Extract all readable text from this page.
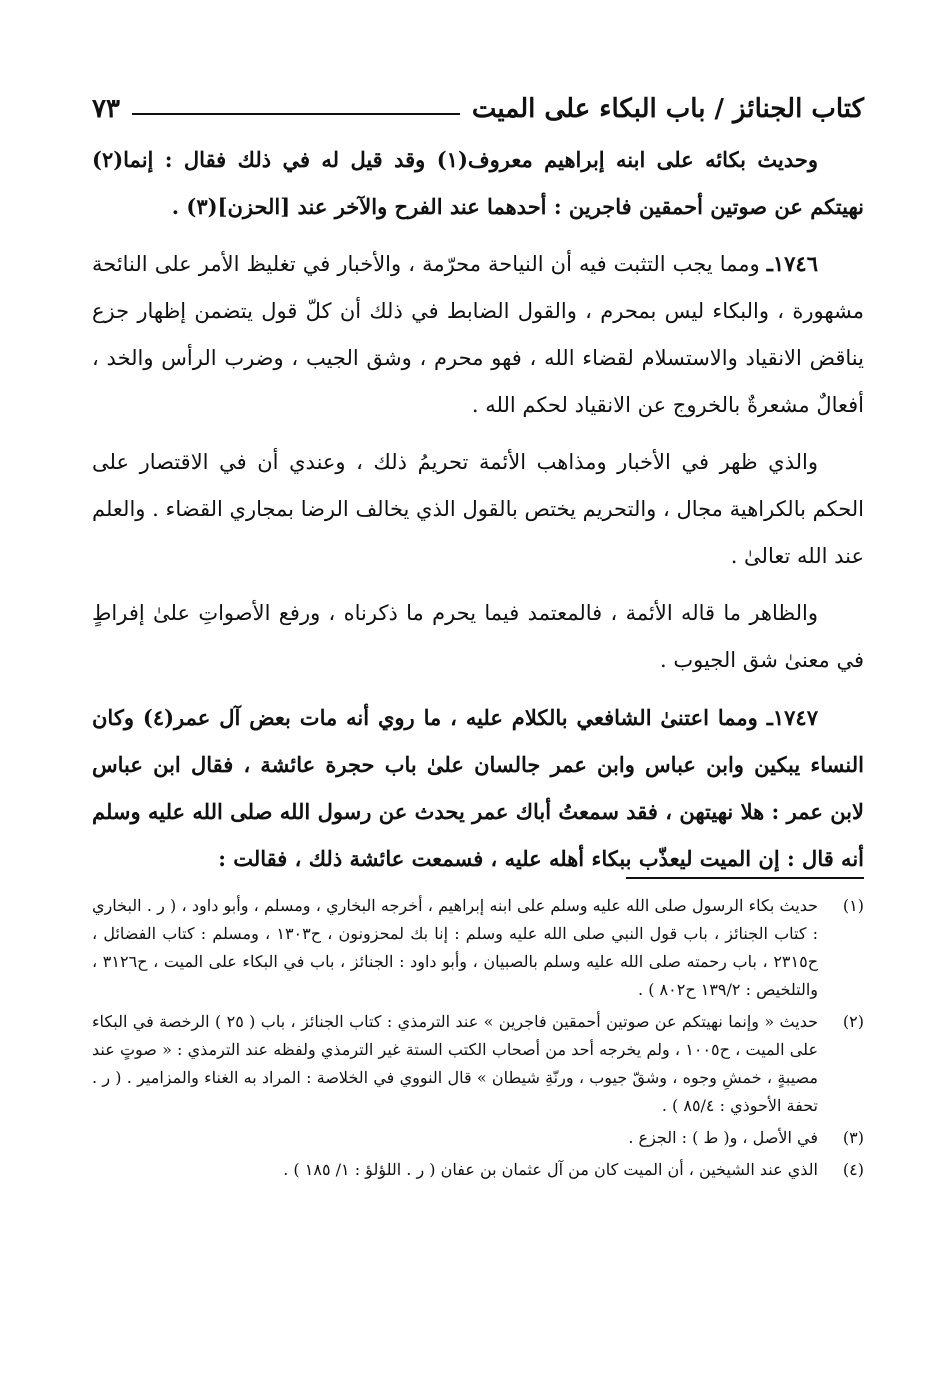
كتاب الجنائز / باب البكاء على الميت
٧٣

وحديث بكائه على ابنه إبراهيم معروف(١) وقد قيل له في ذلك فقال : إنما(٢) نهيتكم عن صوتين أحمقين فاجرين : أحدهما عند الفرح والآخر عند [الحزن](٣) .

١٧٤٦ـ ومما يجب التثبت فيه أن النياحة محرّمة ، والأخبار في تغليظ الأمر على النائحة مشهورة ، والبكاء ليس بمحرم ، والقول الضابط في ذلك أن كلّ قول يتضمن إظهار جزع يناقض الانقياد والاستسلام لقضاء الله ، فهو محرم ، وشق الجيب ، وضرب الرأس والخد ، أفعالٌ مشعرةٌ بالخروج عن الانقياد لحكم الله .

والذي ظهر في الأخبار ومذاهب الأئمة تحريمُ ذلك ، وعندي أن في الاقتصار على الحكم بالكراهية مجال ، والتحريم يختص بالقول الذي يخالف الرضا بمجاري القضاء . والعلم عند الله تعالىٰ .

والظاهر ما قاله الأئمة ، فالمعتمد فيما يحرم ما ذكرناه ، ورفع الأصواتِ علىٰ إفراطٍ في معنىٰ شق الجيوب .

١٧٤٧ـ ومما اعتنىٰ الشافعي بالكلام عليه ، ما روي أنه مات بعض آل عمر(٤) وكان النساء يبكين وابن عباس وابن عمر جالسان علىٰ باب حجرة عائشة ، فقال ابن عباس لابن عمر : هلا نهيتهن ، فقد سمعتُ أباك عمر يحدث عن رسول الله صلى الله عليه وسلم أنه قال : إن الميت ليعذّب ببكاء أهله عليه ، فسمعت عائشة ذلك ، فقالت :

(١)
حديث بكاء الرسول صلى الله عليه وسلم على ابنه إبراهيم ، أخرجه البخاري ، ومسلم ، وأبو داود ، ( ر . البخاري : كتاب الجنائز ، باب قول النبي صلى الله عليه وسلم : إنا بك لمحزونون ، ح١٣٠٣ ، ومسلم : كتاب الفضائل ، ح٢٣١٥ ، باب رحمته صلى الله عليه وسلم بالصبيان ، وأبو داود : الجنائز ، باب في البكاء على الميت ، ح٣١٢٦ ، والتلخيص : ١٣٩/٢ ح٨٠٢ ) .
(٢)
حديث « وإنما نهيتكم عن صوتين أحمقين فاجرين » عند الترمذي : كتاب الجنائز ، باب ( ٢٥ ) الرخصة في البكاء على الميت ، ح١٠٠٥ ، ولم يخرجه أحد من أصحاب الكتب الستة غير الترمذي ولفظه عند الترمذي : « صوتٍ عند مصيبةٍ ، خمشِ وجوه ، وشقّ جيوب ، ورنّةِ شيطان » قال النووي في الخلاصة : المراد به الغناء والمزامير . ( ر . تحفة الأحوذي : ٨٥/٤ ) .
(٣)
في الأصل ، و( ط ) : الجزع .
(٤)
الذي عند الشيخين ، أن الميت كان من آل عثمان بن عفان ( ر . اللؤلؤ : ١/ ١٨٥ ) .
